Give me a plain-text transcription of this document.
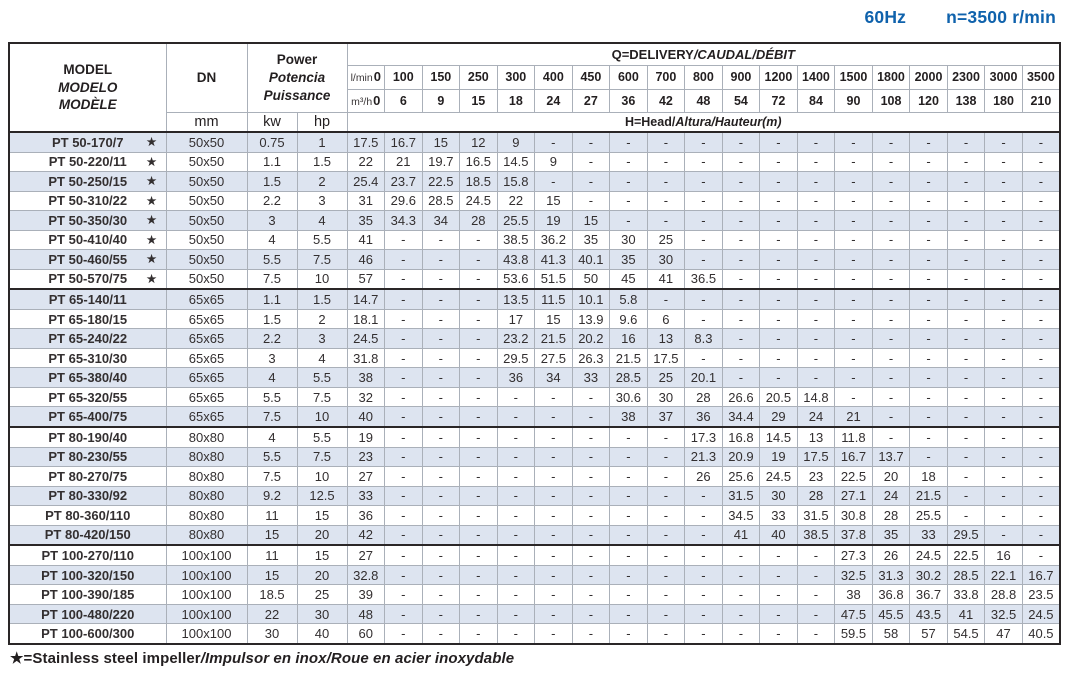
60Hz n=3500 r/min
MODEL
MODELO
MODÈLE
	DN	
Power
Potencia
Puissance
	Q=DELIVERY/CAUDAL/DÉBIT
				l/min0	100	150	250	300	400	450	600	700	800	900	1200	1400	1500	1800	2000	2300	3000	3500
				m³/h0	6	9	15	18	24	27	36	42	48	54	72	84	90	108	120	138	180	210
	mm	kw	hp	H=Head/Altura/Hauteur(m)																		
PT 50-170/7 ★	50x50	0.75	1	17.5	16.7	15	12	9	-	-	-	-	-	-	-	-	-	-	-	-	-	-
PT 50-220/11 ★	50x50	1.1	1.5	22	21	19.7	16.5	14.5	9	-	-	-	-	-	-	-	-	-	-	-	-	-
PT 50-250/15 ★	50x50	1.5	2	25.4	23.7	22.5	18.5	15.8	-	-	-	-	-	-	-	-	-	-	-	-	-	-
PT 50-310/22 ★	50x50	2.2	3	31	29.6	28.5	24.5	22	15	-	-	-	-	-	-	-	-	-	-	-	-	-
PT 50-350/30 ★	50x50	3	4	35	34.3	34	28	25.5	19	15	-	-	-	-	-	-	-	-	-	-	-	-
PT 50-410/40 ★	50x50	4	5.5	41	-	-	-	38.5	36.2	35	30	25	-	-	-	-	-	-	-	-	-	-
PT 50-460/55 ★	50x50	5.5	7.5	46	-	-	-	43.8	41.3	40.1	35	30	-	-	-	-	-	-	-	-	-	-
PT 50-570/75 ★	50x50	7.5	10	57	-	-	-	53.6	51.5	50	45	41	36.5	-	-	-	-	-	-	-	-	-
PT 65-140/11	65x65	1.1	1.5	14.7	-	-	-	13.5	11.5	10.1	5.8	-	-	-	-	-	-	-	-	-	-	-
PT 65-180/15	65x65	1.5	2	18.1	-	-	-	17	15	13.9	9.6	6	-	-	-	-	-	-	-	-	-	-
PT 65-240/22	65x65	2.2	3	24.5	-	-	-	23.2	21.5	20.2	16	13	8.3	-	-	-	-	-	-	-	-	-
PT 65-310/30	65x65	3	4	31.8	-	-	-	29.5	27.5	26.3	21.5	17.5	-	-	-	-	-	-	-	-	-	-
PT 65-380/40	65x65	4	5.5	38	-	-	-	36	34	33	28.5	25	20.1	-	-	-	-	-	-	-	-	-
PT 65-320/55	65x65	5.5	7.5	32	-	-	-	-	-	-	30.6	30	28	26.6	20.5	14.8	-	-	-	-	-	-
PT 65-400/75	65x65	7.5	10	40	-	-	-	-	-	-	38	37	36	34.4	29	24	21	-	-	-	-	-
PT 80-190/40	80x80	4	5.5	19	-	-	-	-	-	-	-	-	17.3	16.8	14.5	13	11.8	-	-	-	-	-
PT 80-230/55	80x80	5.5	7.5	23	-	-	-	-	-	-	-	-	21.3	20.9	19	17.5	16.7	13.7	-	-	-	-
PT 80-270/75	80x80	7.5	10	27	-	-	-	-	-	-	-	-	26	25.6	24.5	23	22.5	20	18	-	-	-
PT 80-330/92	80x80	9.2	12.5	33	-	-	-	-	-	-	-	-	-	31.5	30	28	27.1	24	21.5	-	-	-
PT 80-360/110	80x80	11	15	36	-	-	-	-	-	-	-	-	-	34.5	33	31.5	30.8	28	25.5	-	-	-
PT 80-420/150	80x80	15	20	42	-	-	-	-	-	-	-	-	-	41	40	38.5	37.8	35	33	29.5	-	-
PT 100-270/110	100x100	11	15	27	-	-	-	-	-	-	-	-	-	-	-	-	27.3	26	24.5	22.5	16	-
PT 100-320/150	100x100	15	20	32.8	-	-	-	-	-	-	-	-	-	-	-	-	32.5	31.3	30.2	28.5	22.1	16.7
PT 100-390/185	100x100	18.5	25	39	-	-	-	-	-	-	-	-	-	-	-	-	38	36.8	36.7	33.8	28.8	23.5
PT 100-480/220	100x100	22	30	48	-	-	-	-	-	-	-	-	-	-	-	-	47.5	45.5	43.5	41	32.5	24.5
PT 100-600/300	100x100	30	40	60	-	-	-	-	-	-	-	-	-	-	-	-	59.5	58	57	54.5	47	40.5
★=Stainless steel impeller/Impulsor en inox/Roue en acier inoxydable
